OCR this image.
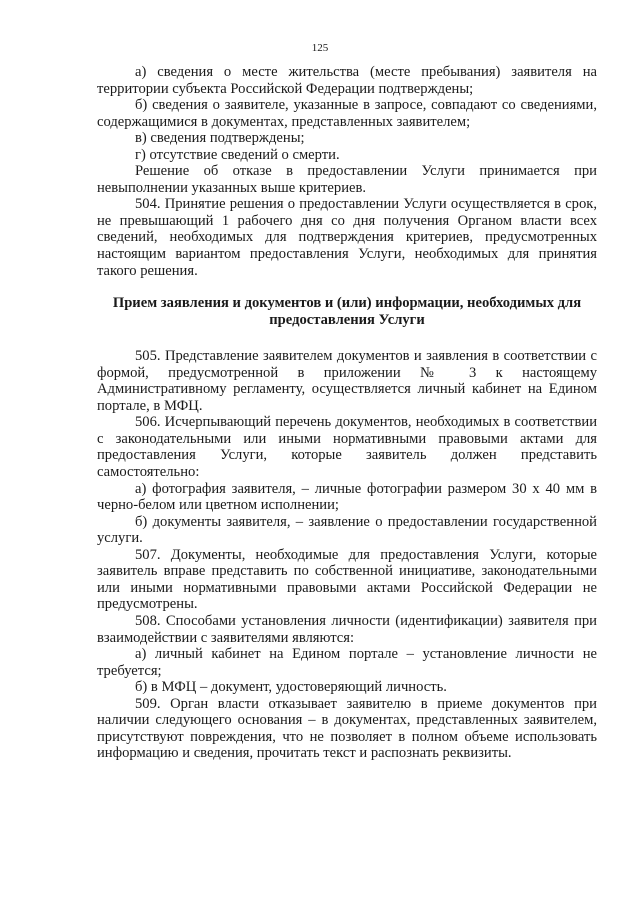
125

а) сведения о месте жительства (месте пребывания) заявителя на территории субъекта Российской Федерации подтверждены;

б) сведения о заявителе, указанные в запросе, совпадают со сведениями, содержащимися в документах, представленных заявителем;

в) сведения подтверждены;

г) отсутствие сведений о смерти.

Решение об отказе в предоставлении Услуги принимается при невыполнении указанных выше критериев.

504. Принятие решения о предоставлении Услуги осуществляется в срок, не превышающий 1 рабочего дня со дня получения Органом власти всех сведений, необходимых для подтверждения критериев, предусмотренных настоящим вариантом предоставления Услуги, необходимых для принятия такого решения.

Прием заявления и документов и (или) информации, необходимых для предоставления Услуги

505. Представление заявителем документов и заявления в соответствии с формой, предусмотренной в приложении № 3 к настоящему Административному регламенту, осуществляется личный кабинет на Едином портале, в МФЦ.

506. Исчерпывающий перечень документов, необходимых в соответствии с законодательными или иными нормативными правовыми актами для предоставления Услуги, которые заявитель должен представить самостоятельно:

а) фотография заявителя, – личные фотографии размером 30 х 40 мм в черно-белом или цветном исполнении;

б) документы заявителя, – заявление о предоставлении государственной услуги.

507. Документы, необходимые для предоставления Услуги, которые заявитель вправе представить по собственной инициативе, законодательными или иными нормативными правовыми актами Российской Федерации не предусмотрены.

508. Способами установления личности (идентификации) заявителя при взаимодействии с заявителями являются:

а) личный кабинет на Едином портале – установление личности не требуется;

б) в МФЦ – документ, удостоверяющий личность.

509. Орган власти отказывает заявителю в приеме документов при наличии следующего основания – в документах, представленных заявителем, присутствуют повреждения, что не позволяет в полном объеме использовать информацию и сведения, прочитать текст и распознать реквизиты.
